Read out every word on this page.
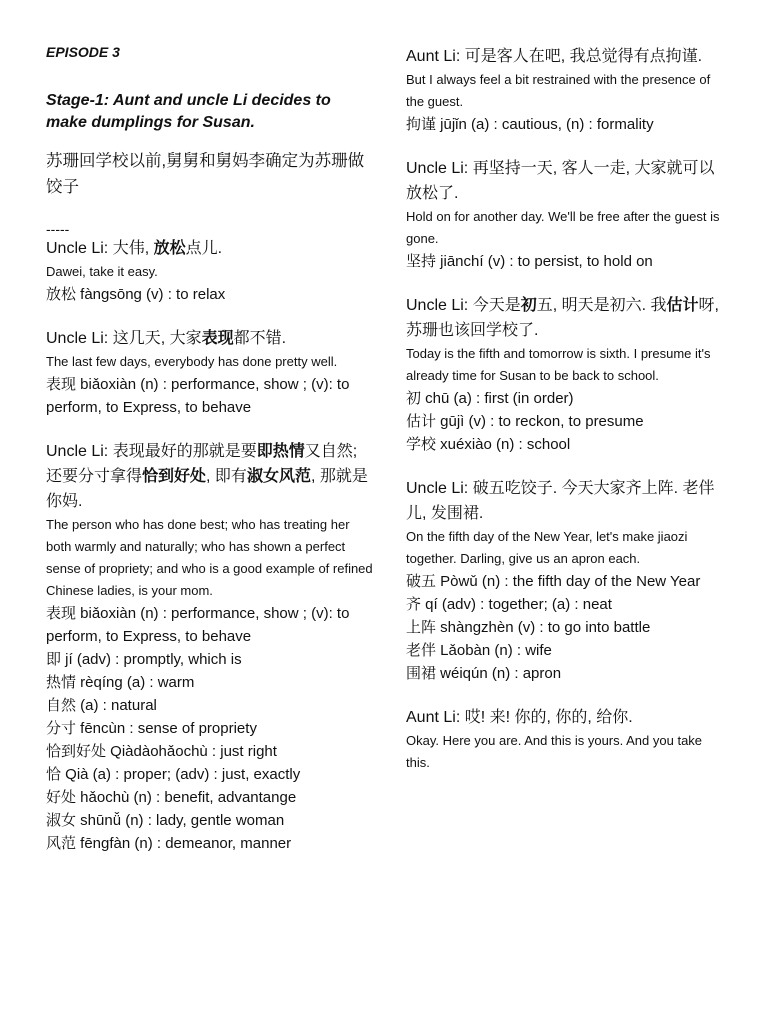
EPISODE 3
Stage-1: Aunt and uncle Li decides to make dumplings for Susan.
苏珊回学校以前,舅舅和舅妈李确定为苏珊做饺子
-----
Uncle Li: 大伟, 放松点儿.
Dawei, take it easy.
放松 fàngsōng (v) : to relax
Uncle Li: 这几天, 大家表现都不错.
The last few days, everybody has done pretty well.
表现 biǎoxiàn (n) : performance, show ; (v): to perform, to Express, to behave
Uncle Li: 表现最好的那就是要即热情又自然; 还要分寸拿得恰到好处, 即有淑女风范, 那就是你妈.
The person who has done best; who has treating her both warmly and naturally; who has shown a perfect sense of propriety; and who is a good example of refined Chinese ladies, is your mom.
表现 biǎoxiàn (n) : performance, show ; (v): to perform, to Express, to behave
即 jí (adv) : promptly, which is
热情 rèqíng (a) : warm
自然 (a) : natural
分寸 fēncùn : sense of propriety
恰到好处 Qiàdàohǎochù : just right
恰 Qià (a) : proper; (adv) : just, exactly
好处 hǎochù (n) : benefit, advantange
淑女 shūnǚ (n) : lady, gentle woman
风范 fēngfàn (n) : demeanor, manner
Aunt Li: 可是客人在吧, 我总觉得有点拘谨.
But I always feel a bit restrained with the presence of the guest.
拘谨 jūjǐn (a) : cautious, (n) : formality
Uncle Li: 再坚持一天, 客人一走, 大家就可以放松了.
Hold on for another day. We'll be free after the guest is gone.
坚持 jiānchí (v) : to persist, to hold on
Uncle Li: 今天是初五, 明天是初六. 我估计呀, 苏珊也该回学校了.
Today is the fifth and tomorrow is sixth. I presume it's already time for Susan to be back to school.
初 chū (a) : first (in order)
估计 gūjì (v) : to reckon, to presume
学校 xuéxiào (n) : school
Uncle Li: 破五吃饺子. 今天大家齐上阵. 老伴儿, 发围裙.
On the fifth day of the New Year, let's make jiaozi together. Darling, give us an apron each.
破五 Pòwǔ (n) : the fifth day of the New Year
齐 qí (adv) : together; (a) : neat
上阵 shàngzhèn (v) : to go into battle
老伴 Lǎobàn (n) : wife
围裙 wéiqún (n) : apron
Aunt Li: 哎! 来! 你的, 你的, 给你.
Okay. Here you are. And this is yours. And you take this.
